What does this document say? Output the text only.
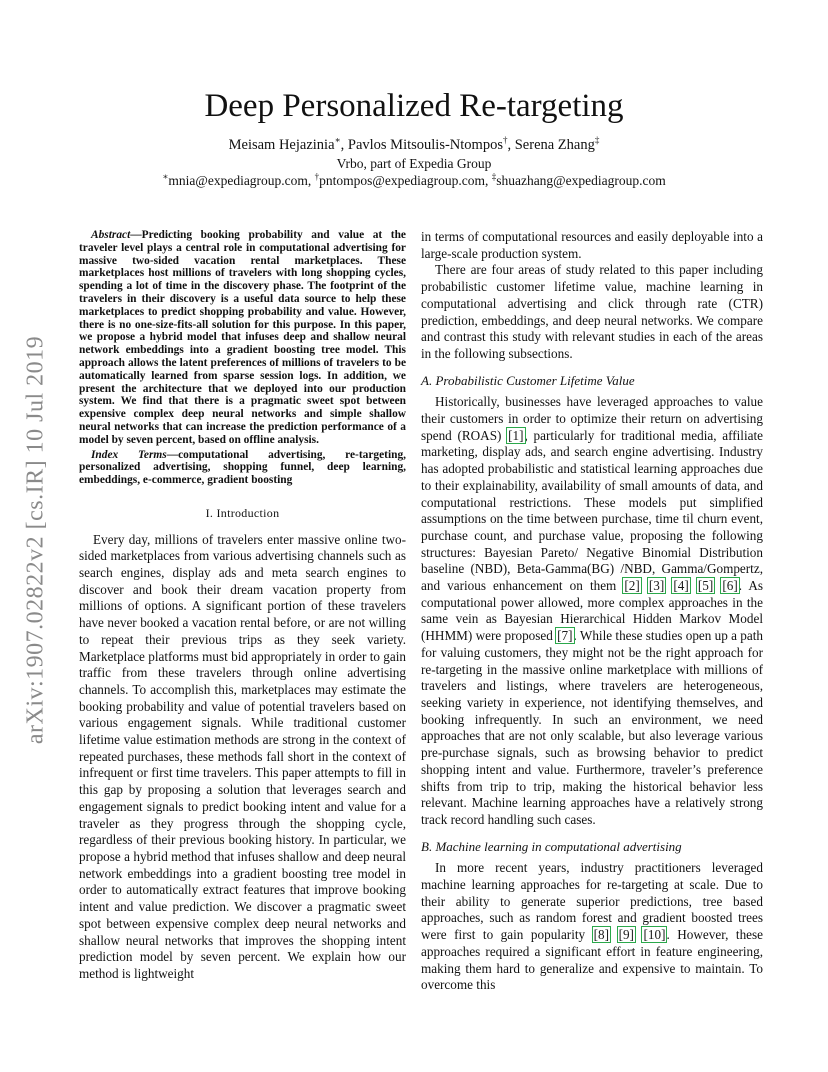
arXiv:1907.02822v2 [cs.IR] 10 Jul 2019
Deep Personalized Re-targeting
Meisam Hejazinia∗, Pavlos Mitsoulis-Ntompos†, Serena Zhang‡
Vrbo, part of Expedia Group
∗mnia@expediagroup.com, †pntompos@expediagroup.com, ‡shuazhang@expediagroup.com

Abstract—Predicting booking probability and value at the traveler level plays a central role in computational advertising for massive two-sided vacation rental marketplaces. These marketplaces host millions of travelers with long shopping cycles, spending a lot of time in the discovery phase. The footprint of the travelers in their discovery is a useful data source to help these marketplaces to predict shopping probability and value. However, there is no one-size-fits-all solution for this purpose. In this paper, we propose a hybrid model that infuses deep and shallow neural network embeddings into a gradient boosting tree model. This approach allows the latent preferences of millions of travelers to be automatically learned from sparse session logs. In addition, we present the architecture that we deployed into our production system. We find that there is a pragmatic sweet spot between expensive complex deep neural networks and simple shallow neural networks that can increase the prediction performance of a model by seven percent, based on offline analysis.

Index Terms—computational advertising, re-targeting, personalized advertising, shopping funnel, deep learning, embeddings, e-commerce, gradient boosting

I. Introduction

Every day, millions of travelers enter massive online two-sided marketplaces from various advertising channels such as search engines, display ads and meta search engines to discover and book their dream vacation property from millions of options. A significant portion of these travelers have never booked a vacation rental before, or are not willing to repeat their previous trips as they seek variety. Marketplace platforms must bid appropriately in order to gain traffic from these travelers through online advertising channels. To accomplish this, marketplaces may estimate the booking probability and value of potential travelers based on various engagement signals. While traditional customer lifetime value estimation methods are strong in the context of repeated purchases, these methods fall short in the context of infrequent or first time travelers. This paper attempts to fill in this gap by proposing a solution that leverages search and engagement signals to predict booking intent and value for a traveler as they progress through the shopping cycle, regardless of their previous booking history. In particular, we propose a hybrid method that infuses shallow and deep neural network embeddings into a gradient boosting tree model in order to automatically extract features that improve booking intent and value prediction. We discover a pragmatic sweet spot between expensive complex deep neural networks and shallow neural networks that improves the shopping intent prediction model by seven percent. We explain how our method is lightweight

in terms of computational resources and easily deployable into a large-scale production system.

There are four areas of study related to this paper including probabilistic customer lifetime value, machine learning in computational advertising and click through rate (CTR) prediction, embeddings, and deep neural networks. We compare and contrast this study with relevant studies in each of the areas in the following subsections.

A. Probabilistic Customer Lifetime Value

Historically, businesses have leveraged approaches to value their customers in order to optimize their return on advertising spend (ROAS) [1], particularly for traditional media, affiliate marketing, display ads, and search engine advertising. Industry has adopted probabilistic and statistical learning approaches due to their explainability, availability of small amounts of data, and computational restrictions. These models put simplified assumptions on the time between purchase, time til churn event, purchase count, and purchase value, proposing the following structures: Bayesian Pareto/ Negative Binomial Distribution baseline (NBD), Beta-Gamma(BG) /NBD, Gamma/Gompertz, and various enhancement on them [2] [3] [4] [5] [6]. As computational power allowed, more complex approaches in the same vein as Bayesian Hierarchical Hidden Markov Model (HHMM) were proposed [7]. While these studies open up a path for valuing customers, they might not be the right approach for re-targeting in the massive online marketplace with millions of travelers and listings, where travelers are heterogeneous, seeking variety in experience, not identifying themselves, and booking infrequently. In such an environment, we need approaches that are not only scalable, but also leverage various pre-purchase signals, such as browsing behavior to predict shopping intent and value. Furthermore, traveler’s preference shifts from trip to trip, making the historical behavior less relevant. Machine learning approaches have a relatively strong track record handling such cases.

B. Machine learning in computational advertising

In more recent years, industry practitioners leveraged machine learning approaches for re-targeting at scale. Due to their ability to generate superior predictions, tree based approaches, such as random forest and gradient boosted trees were first to gain popularity [8] [9] [10]. However, these approaches required a significant effort in feature engineering, making them hard to generalize and expensive to maintain. To overcome this
